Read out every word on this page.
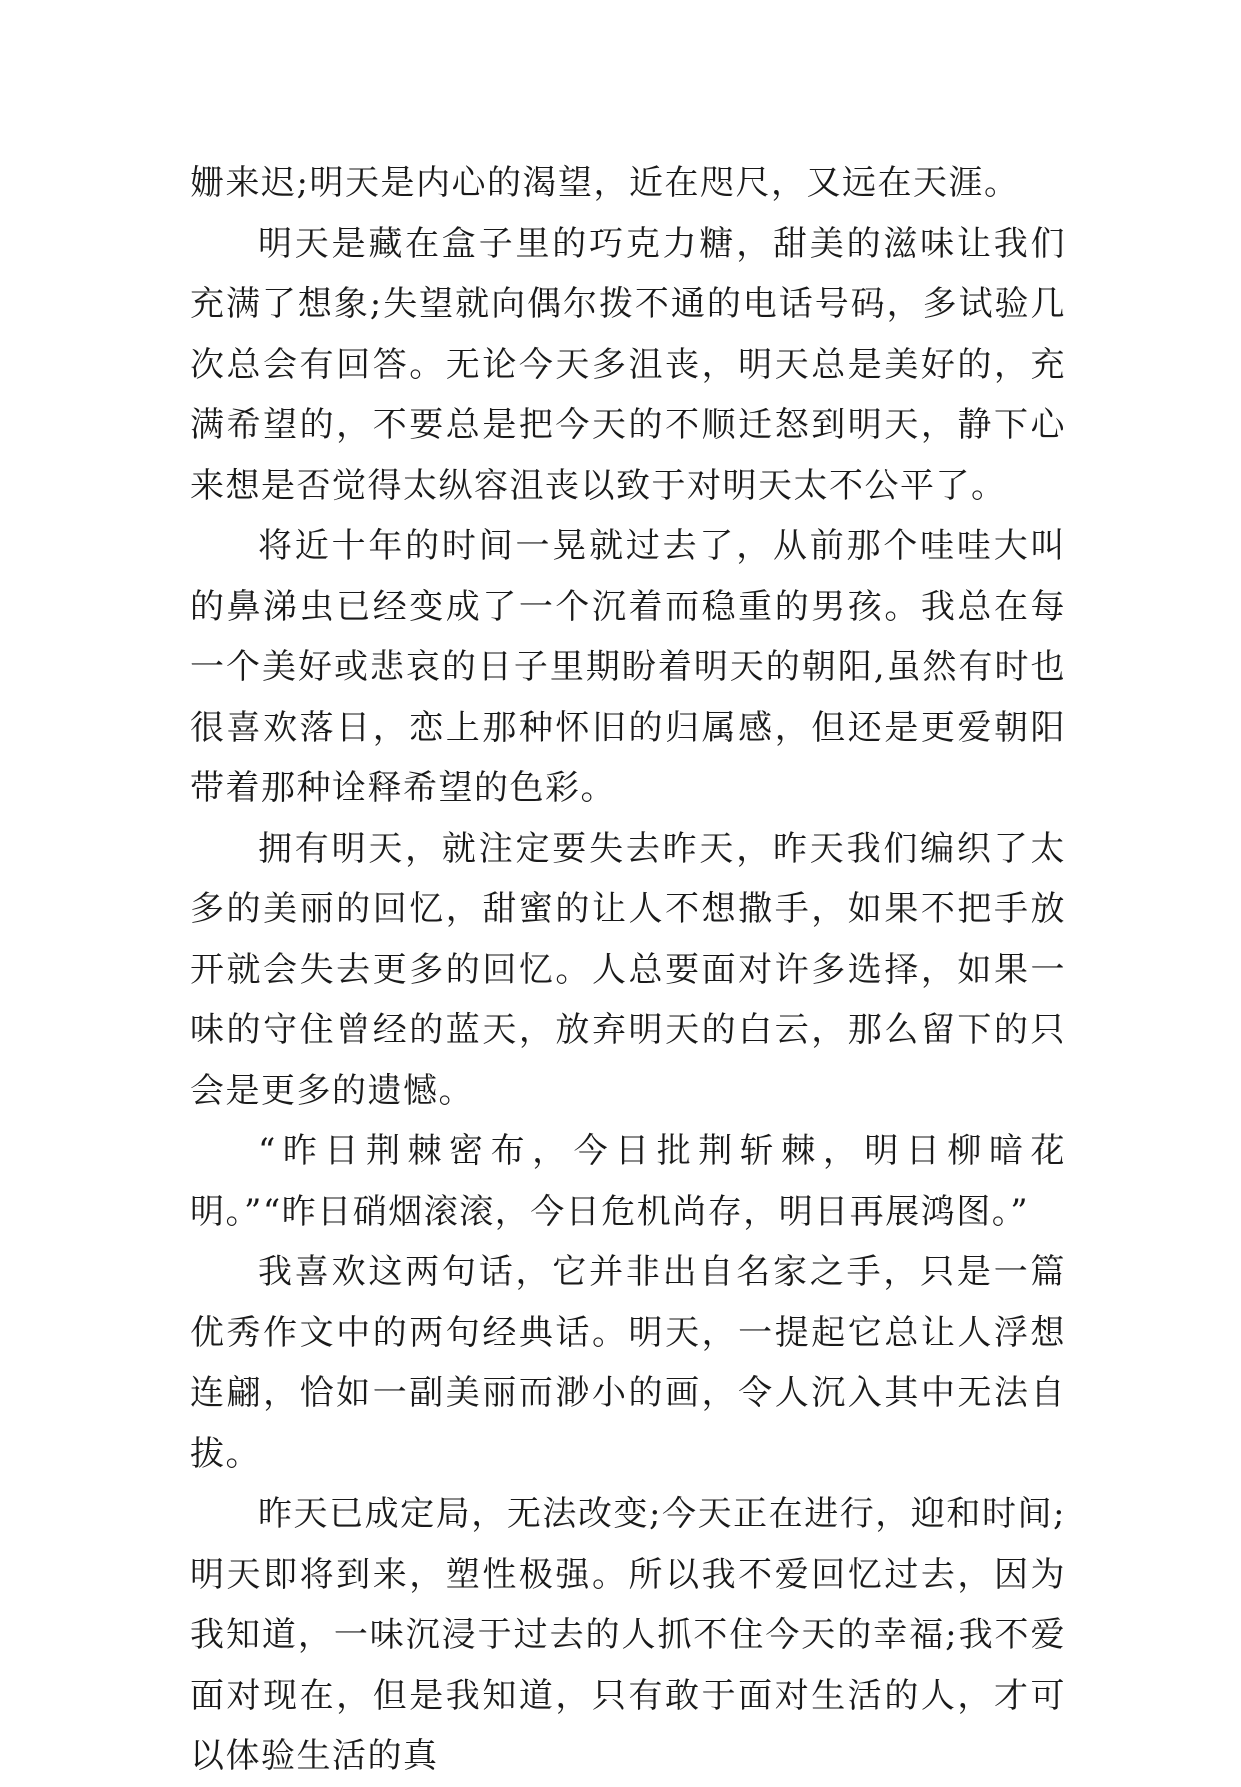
姗来迟;明天是内心的渴望，近在咫尺，又远在天涯。

明天是藏在盒子里的巧克力糖，甜美的滋味让我们充满了想象;失望就向偶尔拨不通的电话号码，多试验几次总会有回答。无论今天多沮丧，明天总是美好的，充满希望的，不要总是把今天的不顺迁怒到明天，静下心来想是否觉得太纵容沮丧以致于对明天太不公平了。

将近十年的时间一晃就过去了，从前那个哇哇大叫的鼻涕虫已经变成了一个沉着而稳重的男孩。我总在每一个美好或悲哀的日子里期盼着明天的朝阳,虽然有时也很喜欢落日，恋上那种怀旧的归属感，但还是更爱朝阳带着那种诠释希望的色彩。

拥有明天，就注定要失去昨天，昨天我们编织了太多的美丽的回忆，甜蜜的让人不想撒手，如果不把手放开就会失去更多的回忆。人总要面对许多选择，如果一味的守住曾经的蓝天，放弃明天的白云，那么留下的只会是更多的遗憾。

“昨日荆棘密布，今日批荆斩棘，明日柳暗花明。”“昨日硝烟滚滚，今日危机尚存，明日再展鸿图。”

我喜欢这两句话，它并非出自名家之手，只是一篇优秀作文中的两句经典话。明天，一提起它总让人浮想连翩，恰如一副美丽而渺小的画，令人沉入其中无法自拔。

昨天已成定局，无法改变;今天正在进行，迎和时间;明天即将到来，塑性极强。所以我不爱回忆过去，因为我知道，一味沉浸于过去的人抓不住今天的幸福;我不爱面对现在，但是我知道，只有敢于面对生活的人，才可以体验生活的真
